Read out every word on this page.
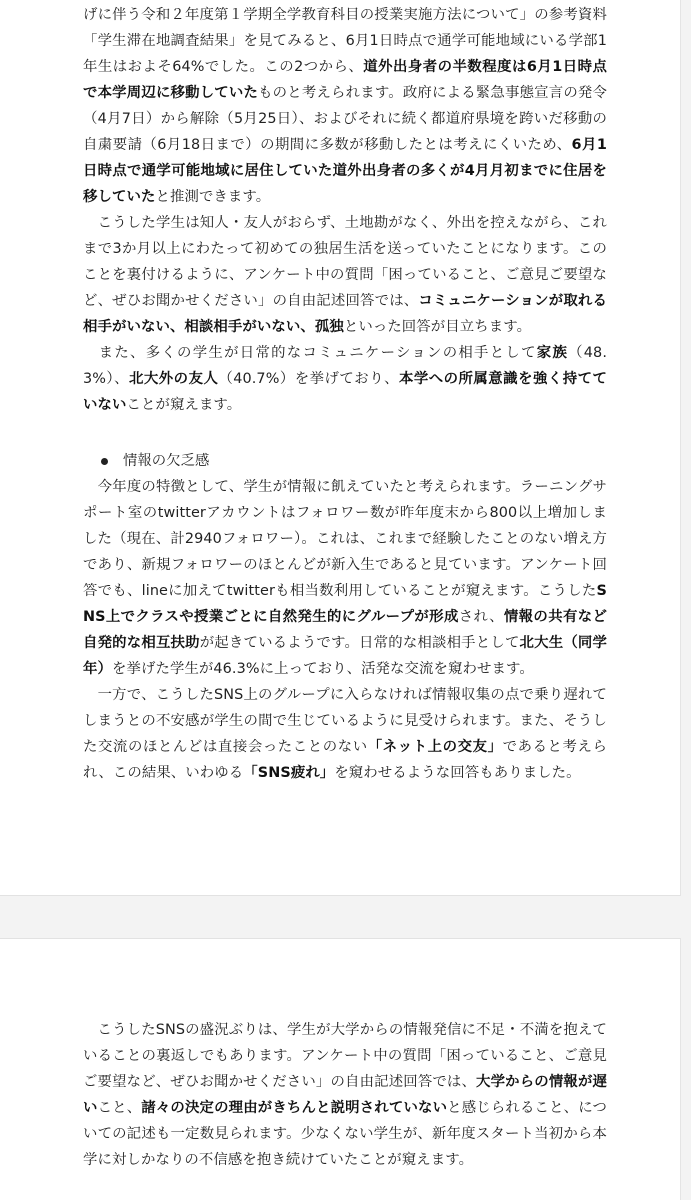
げに伴う令和２年度第１学期全学教育科目の授業実施方法について」の参考資料「学生滞在地調査結果」を見てみると、6月1日時点で通学可能地域にいる学部1年生はおよそ64%でした。この2つから、道外出身者の半数程度は6月1日時点で本学周辺に移動していたものと考えられます。政府による緊急事態宣言の発令（4月7日）から解除（5月25日）、およびそれに続く都道府県境を跨いだ移動の自粛要請（6月18日まで）の期間に多数が移動したとは考えにくいため、6月1日時点で通学可能地域に居住していた道外出身者の多くが4月月初までに住居を移していたと推測できます。

　こうした学生は知人・友人がおらず、土地勘がなく、外出を控えながら、これまで3か月以上にわたって初めての独居生活を送っていたことになります。このことを裏付けるように、アンケート中の質問「困っていること、ご意見ご要望など、ぜひお聞かせください」の自由記述回答では、コミュニケーションが取れる相手がいない、相談相手がいない、孤独といった回答が目立ちます。

　また、多くの学生が日常的なコミュニケーションの相手として家族（48.3%）、北大外の友人（40.7%）を挙げており、本学への所属意識を強く持てていないことが窺えます。

情報の欠乏感

　今年度の特徴として、学生が情報に飢えていたと考えられます。ラーニングサポート室のtwitterアカウントはフォロワー数が昨年度末から800以上増加しました（現在、計2940フォロワー）。これは、これまで経験したことのない増え方であり、新規フォロワーのほとんどが新入生であると見ています。アンケート回答でも、lineに加えてtwitterも相当数利用していることが窺えます。こうしたSNS上でクラスや授業ごとに自然発生的にグループが形成され、情報の共有など自発的な相互扶助が起きているようです。日常的な相談相手として北大生（同学年）を挙げた学生が46.3%に上っており、活発な交流を窺わせます。

　一方で、こうしたSNS上のグループに入らなければ情報収集の点で乗り遅れてしまうとの不安感が学生の間で生じているように見受けられます。また、そうした交流のほとんどは直接会ったことのない「ネット上の交友」であると考えられ、この結果、いわゆる「SNS疲れ」を窺わせるような回答もありました。

　こうしたSNSの盛況ぶりは、学生が大学からの情報発信に不足・不満を抱えていることの裏返しでもあります。アンケート中の質問「困っていること、ご意見ご要望など、ぜひお聞かせください」の自由記述回答では、大学からの情報が遅いこと、諸々の決定の理由がきちんと説明されていないと感じられること、についての記述も一定数見られます。少なくない学生が、新年度スタート当初から本学に対しかなりの不信感を抱き続けていたことが窺えます。
